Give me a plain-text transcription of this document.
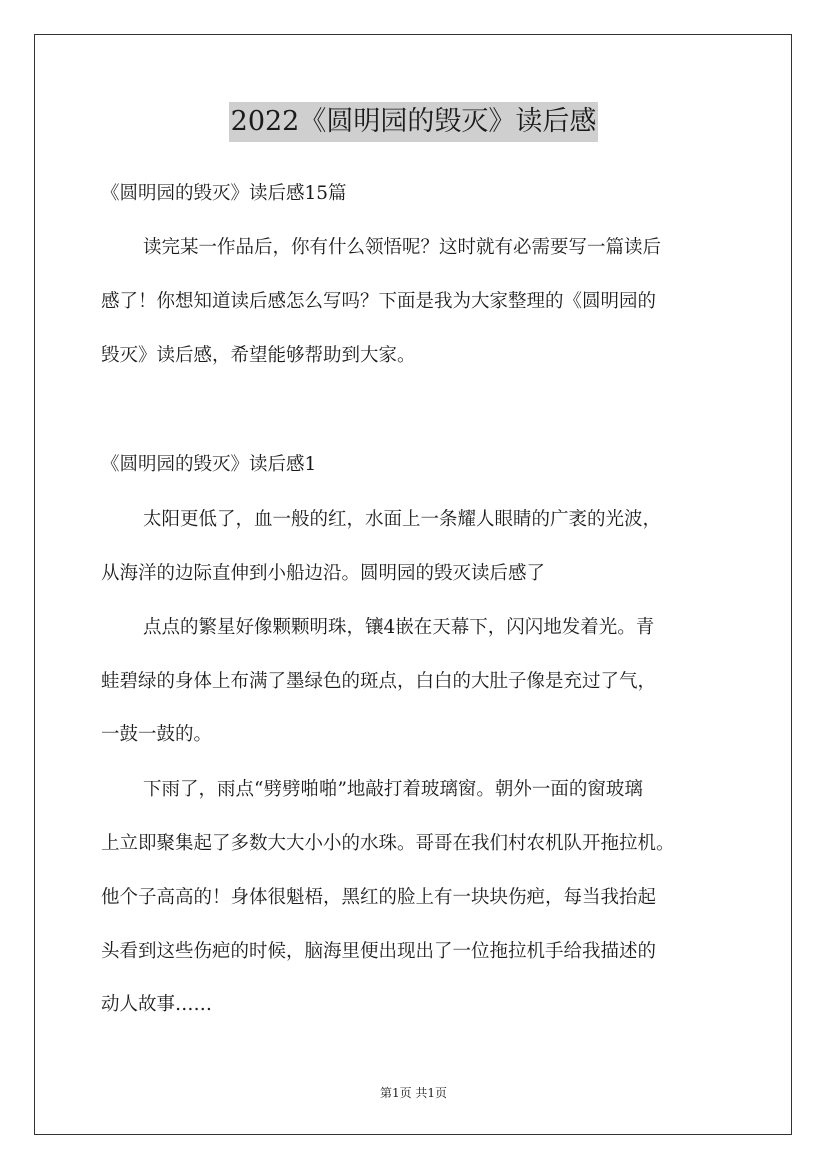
2022《圆明园的毁灭》读后感
《圆明园的毁灭》读后感15篇
读完某一作品后，你有什么领悟呢？这时就有必需要写一篇读后
感了！你想知道读后感怎么写吗？下面是我为大家整理的《圆明园的
毁灭》读后感，希望能够帮助到大家。
《圆明园的毁灭》读后感1
太阳更低了，血一般的红，水面上一条耀人眼睛的广袤的光波，
从海洋的边际直伸到小船边沿。圆明园的毁灭读后感了
点点的繁星好像颗颗明珠，镶4嵌在天幕下，闪闪地发着光。青
蛙碧绿的身体上布满了墨绿色的斑点，白白的大肚子像是充过了气，
一鼓一鼓的。
下雨了，雨点“劈劈啪啪”地敲打着玻璃窗。朝外一面的窗玻璃
上立即聚集起了多数大大小小的水珠。哥哥在我们村农机队开拖拉机。
他个子高高的！身体很魁梧，黑红的脸上有一块块伤疤，每当我抬起
头看到这些伤疤的时候，脑海里便出现出了一位拖拉机手给我描述的
动人故事……
第1页 共1页
